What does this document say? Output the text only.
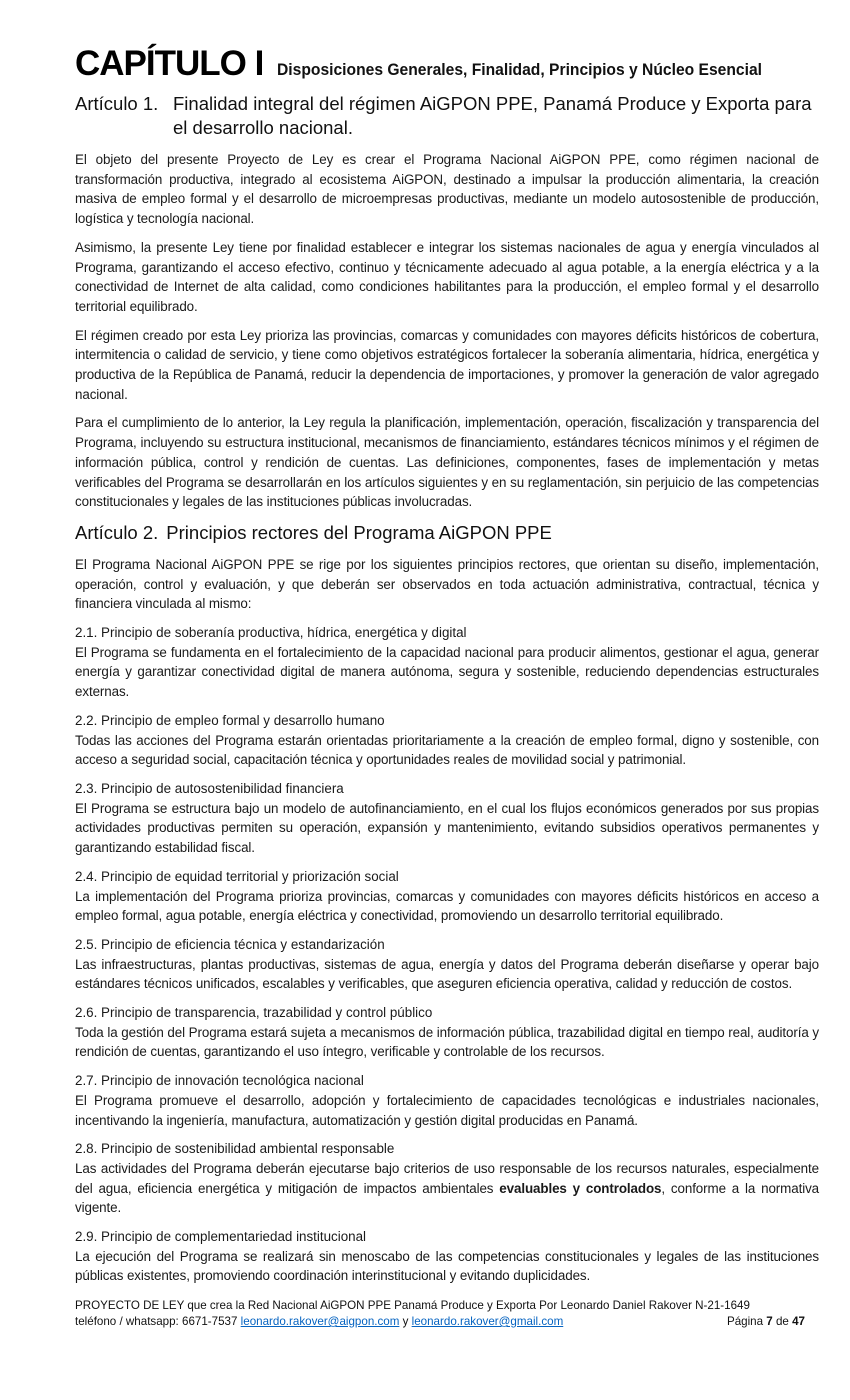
CAPÍTULO I Disposiciones Generales, Finalidad, Principios y Núcleo Esencial
Artículo 1. Finalidad integral del régimen AiGPON PPE, Panamá Produce y Exporta para el desarrollo nacional.

El objeto del presente Proyecto de Ley es crear el Programa Nacional AiGPON PPE, como régimen nacional de transformación productiva, integrado al ecosistema AiGPON, destinado a impulsar la producción alimentaria, la creación masiva de empleo formal y el desarrollo de microempresas productivas, mediante un modelo autosostenible de producción, logística y tecnología nacional.

Asimismo, la presente Ley tiene por finalidad establecer e integrar los sistemas nacionales de agua y energía vinculados al Programa, garantizando el acceso efectivo, continuo y técnicamente adecuado al agua potable, a la energía eléctrica y a la conectividad de Internet de alta calidad, como condiciones habilitantes para la producción, el empleo formal y el desarrollo territorial equilibrado.

El régimen creado por esta Ley prioriza las provincias, comarcas y comunidades con mayores déficits históricos de cobertura, intermitencia o calidad de servicio, y tiene como objetivos estratégicos fortalecer la soberanía alimentaria, hídrica, energética y productiva de la República de Panamá, reducir la dependencia de importaciones, y promover la generación de valor agregado nacional.

Para el cumplimiento de lo anterior, la Ley regula la planificación, implementación, operación, fiscalización y transparencia del Programa, incluyendo su estructura institucional, mecanismos de financiamiento, estándares técnicos mínimos y el régimen de información pública, control y rendición de cuentas. Las definiciones, componentes, fases de implementación y metas verificables del Programa se desarrollarán en los artículos siguientes y en su reglamentación, sin perjuicio de las competencias constitucionales y legales de las instituciones públicas involucradas.

Artículo 2. Principios rectores del Programa AiGPON PPE

El Programa Nacional AiGPON PPE se rige por los siguientes principios rectores, que orientan su diseño, implementación, operación, control y evaluación, y que deberán ser observados en toda actuación administrativa, contractual, técnica y financiera vinculada al mismo:

2.1. Principio de soberanía productiva, hídrica, energética y digital

El Programa se fundamenta en el fortalecimiento de la capacidad nacional para producir alimentos, gestionar el agua, generar energía y garantizar conectividad digital de manera autónoma, segura y sostenible, reduciendo dependencias estructurales externas.

2.2. Principio de empleo formal y desarrollo humano

Todas las acciones del Programa estarán orientadas prioritariamente a la creación de empleo formal, digno y sostenible, con acceso a seguridad social, capacitación técnica y oportunidades reales de movilidad social y patrimonial.

2.3. Principio de autosostenibilidad financiera

El Programa se estructura bajo un modelo de autofinanciamiento, en el cual los flujos económicos generados por sus propias actividades productivas permiten su operación, expansión y mantenimiento, evitando subsidios operativos permanentes y garantizando estabilidad fiscal.

2.4. Principio de equidad territorial y priorización social

La implementación del Programa prioriza provincias, comarcas y comunidades con mayores déficits históricos en acceso a empleo formal, agua potable, energía eléctrica y conectividad, promoviendo un desarrollo territorial equilibrado.

2.5. Principio de eficiencia técnica y estandarización

Las infraestructuras, plantas productivas, sistemas de agua, energía y datos del Programa deberán diseñarse y operar bajo estándares técnicos unificados, escalables y verificables, que aseguren eficiencia operativa, calidad y reducción de costos.

2.6. Principio de transparencia, trazabilidad y control público

Toda la gestión del Programa estará sujeta a mecanismos de información pública, trazabilidad digital en tiempo real, auditoría y rendición de cuentas, garantizando el uso íntegro, verificable y controlable de los recursos.

2.7. Principio de innovación tecnológica nacional

El Programa promueve el desarrollo, adopción y fortalecimiento de capacidades tecnológicas e industriales nacionales, incentivando la ingeniería, manufactura, automatización y gestión digital producidas en Panamá.

2.8. Principio de sostenibilidad ambiental responsable

Las actividades del Programa deberán ejecutarse bajo criterios de uso responsable de los recursos naturales, especialmente del agua, eficiencia energética y mitigación de impactos ambientales evaluables y controlados, conforme a la normativa vigente.

2.9. Principio de complementariedad institucional

La ejecución del Programa se realizará sin menoscabo de las competencias constitucionales y legales de las instituciones públicas existentes, promoviendo coordinación interinstitucional y evitando duplicidades.

PROYECTO DE LEY que crea la Red Nacional AiGPON PPE Panamá Produce y Exporta Por Leonardo Daniel Rakover N-21-1649
teléfono / whatsapp: 6671-7537 leonardo.rakover@aigpon.com y leonardo.rakover@gmail.com	Página 7 de 47
